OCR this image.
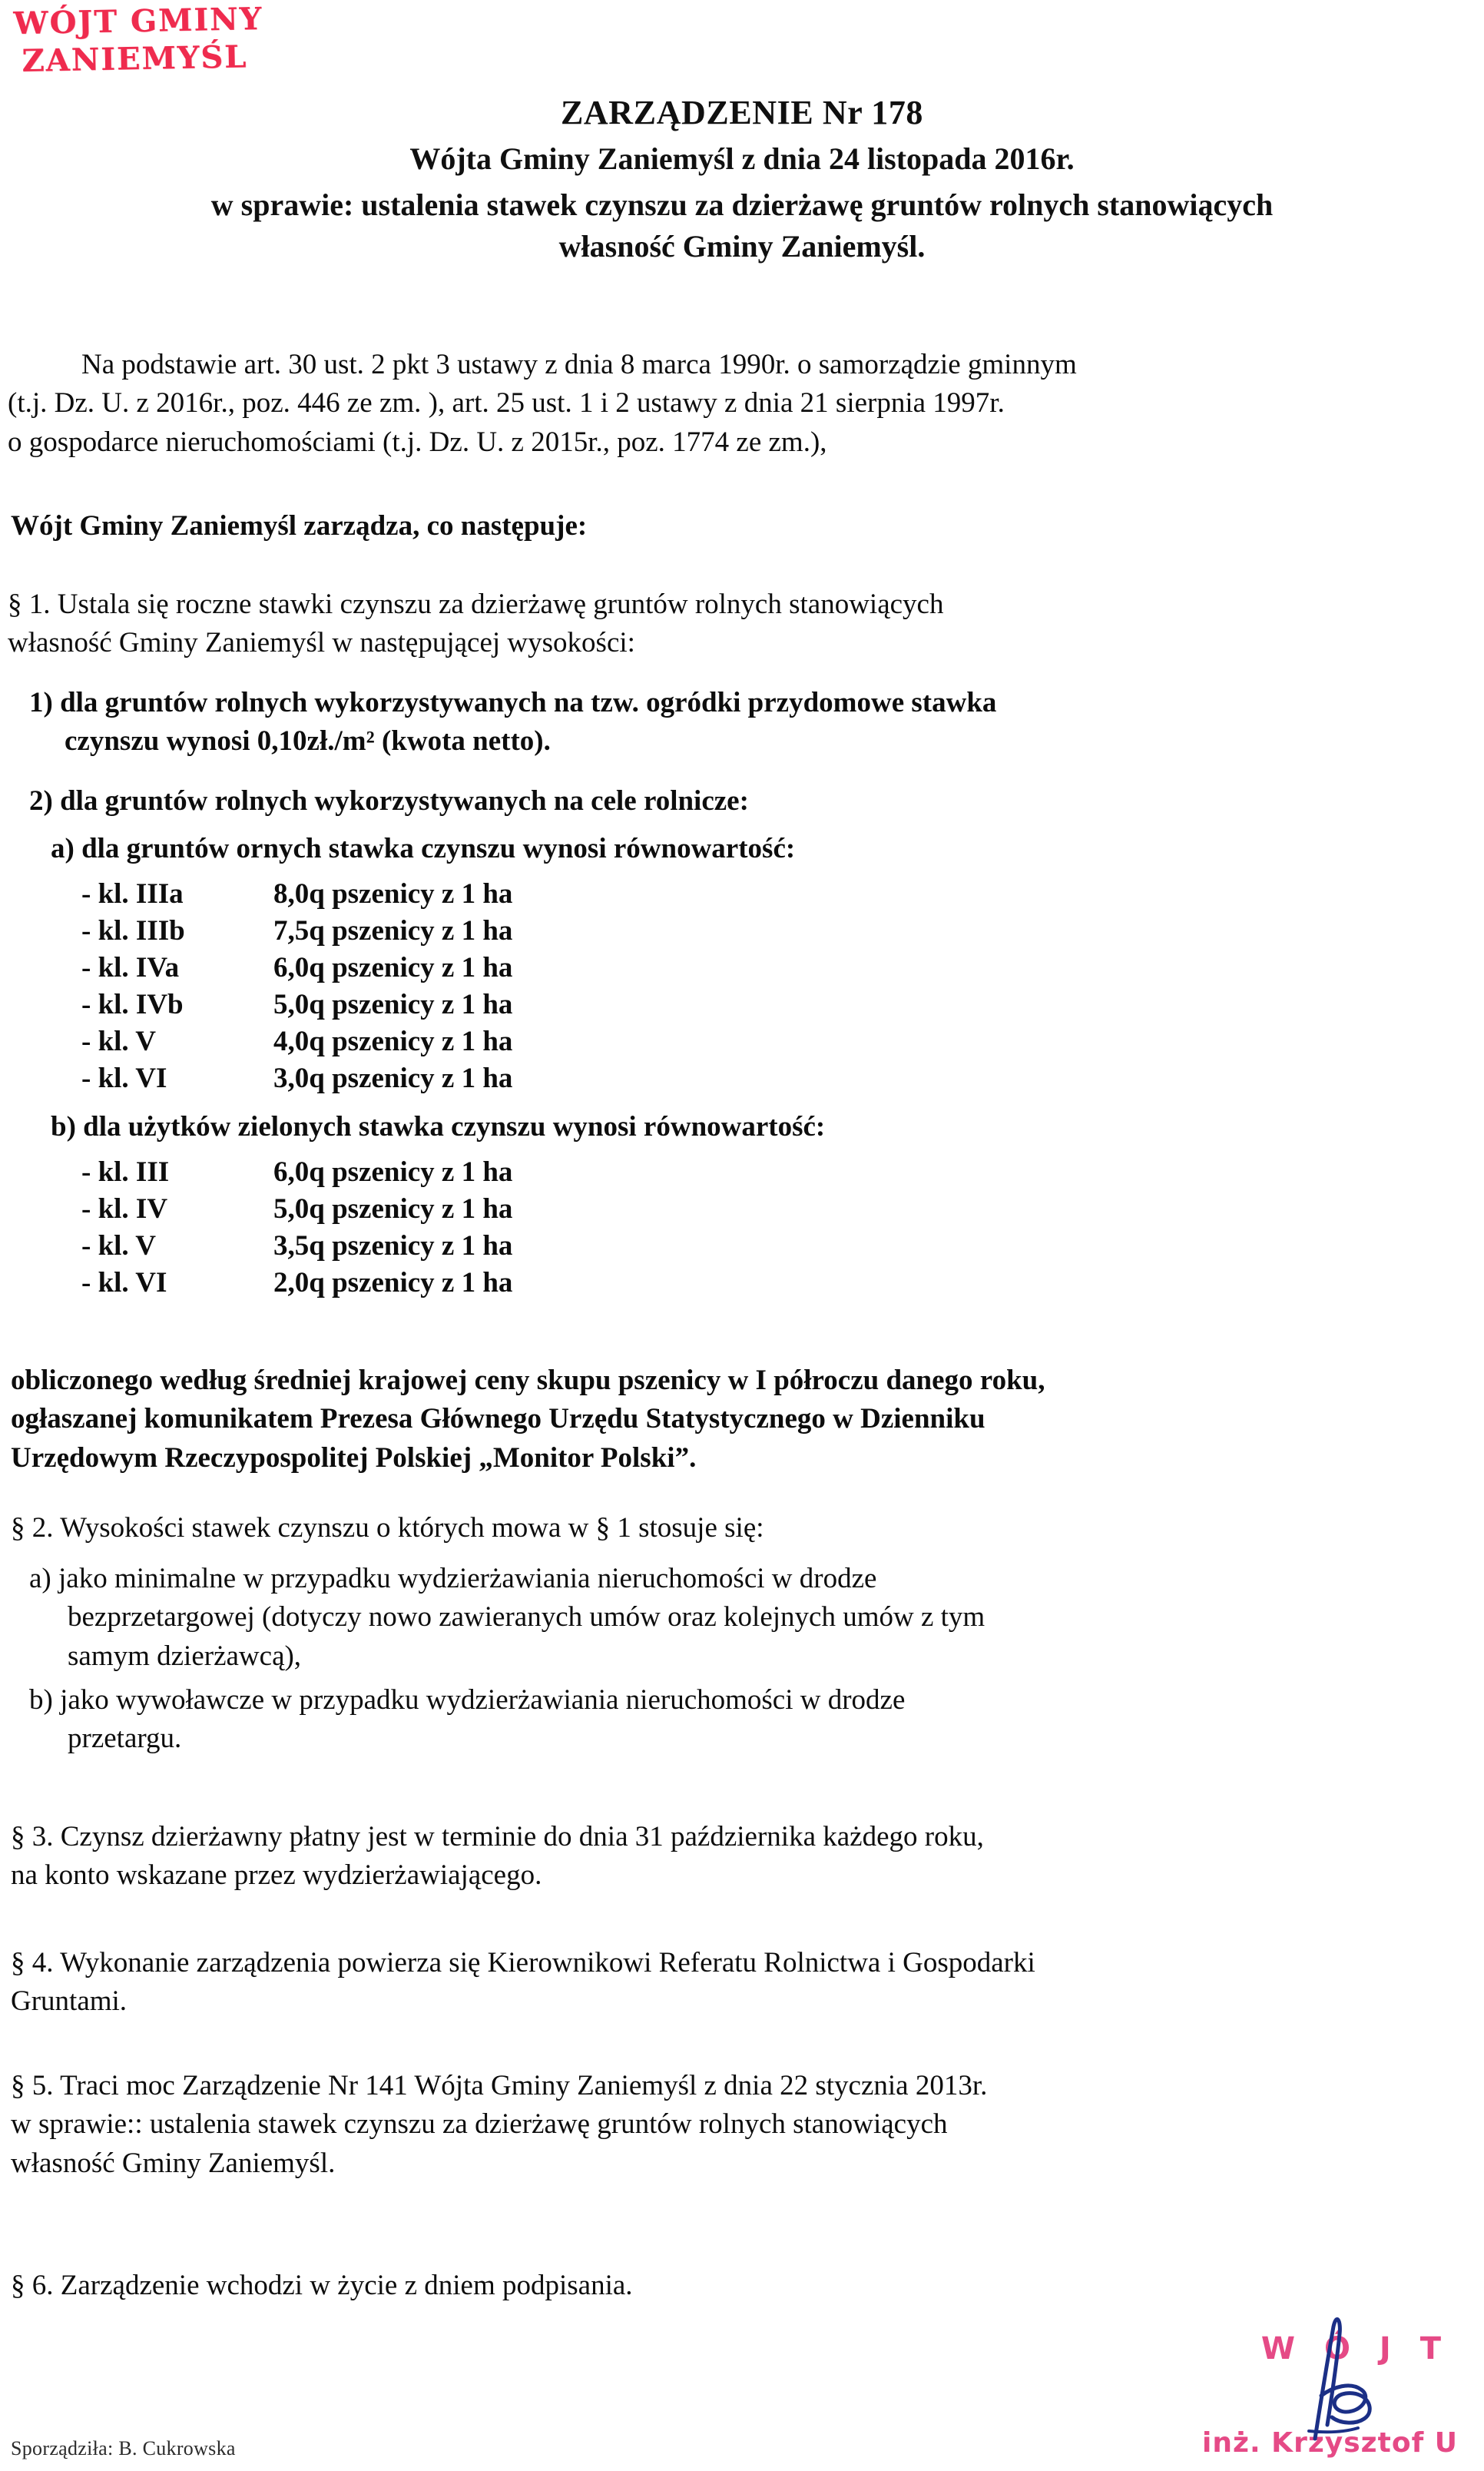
WÓJT GMINY
ZANIEMYŚL
ZARZĄDZENIE Nr 178
Wójta Gminy Zaniemyśl z dnia 24 listopada 2016r.
w sprawie: ustalenia stawek czynszu za dzierżawę gruntów rolnych stanowiących
własność Gminy Zaniemyśl.
Na podstawie art. 30 ust. 2 pkt 3 ustawy z dnia 8 marca 1990r. o samorządzie gminnym
(t.j. Dz. U. z 2016r., poz. 446 ze zm. ), art. 25 ust. 1 i 2 ustawy z dnia 21 sierpnia 1997r.
o gospodarce nieruchomościami (t.j. Dz. U. z 2015r., poz. 1774 ze zm.),
Wójt Gminy Zaniemyśl zarządza, co następuje:
§ 1. Ustala się roczne stawki czynszu za dzierżawę gruntów rolnych stanowiących
własność Gminy Zaniemyśl w następującej wysokości:
1) dla gruntów rolnych wykorzystywanych na tzw. ogródki przydomowe stawka
czynszu wynosi 0,10zł./m² (kwota netto).
2) dla gruntów rolnych wykorzystywanych na cele rolnicze:
a) dla gruntów ornych stawka czynszu wynosi równowartość:
- kl. IIIa	8,0q pszenicy z 1 ha
- kl. IIIb	7,5q pszenicy z 1 ha
- kl. IVa	6,0q pszenicy z 1 ha
- kl. IVb	5,0q pszenicy z 1 ha
- kl. V	4,0q pszenicy z 1 ha
- kl. VI	3,0q pszenicy z 1 ha
b) dla użytków zielonych stawka czynszu wynosi równowartość:
- kl. III	6,0q pszenicy z 1 ha
- kl. IV	5,0q pszenicy z 1 ha
- kl. V	3,5q pszenicy z 1 ha
- kl. VI	2,0q pszenicy z 1 ha
obliczonego według średniej krajowej ceny skupu pszenicy w I półroczu danego roku,
ogłaszanej komunikatem Prezesa Głównego Urzędu Statystycznego w Dzienniku
Urzędowym Rzeczypospolitej Polskiej „Monitor Polski”.
§ 2. Wysokości stawek czynszu o których mowa w § 1 stosuje się:
a) jako minimalne w przypadku wydzierżawiania nieruchomości w drodze
bezprzetargowej (dotyczy nowo zawieranych umów oraz kolejnych umów z tym
samym dzierżawcą),
b) jako wywoławcze w przypadku wydzierżawiania nieruchomości w drodze
przetargu.
§ 3. Czynsz dzierżawny płatny jest w terminie do dnia 31 października każdego roku,
na konto wskazane przez wydzierżawiającego.
§ 4. Wykonanie zarządzenia powierza się Kierownikowi Referatu Rolnictwa i Gospodarki
Gruntami.
§ 5. Traci moc Zarządzenie Nr 141 Wójta Gminy Zaniemyśl z dnia 22 stycznia 2013r.
w sprawie:: ustalenia stawek czynszu za dzierżawę gruntów rolnych stanowiących
własność Gminy Zaniemyśl.
§ 6. Zarządzenie wchodzi w życie z dniem podpisania.
W Ó J T
inż. Krzysztof U
Sporządziła: B. Cukrowska
